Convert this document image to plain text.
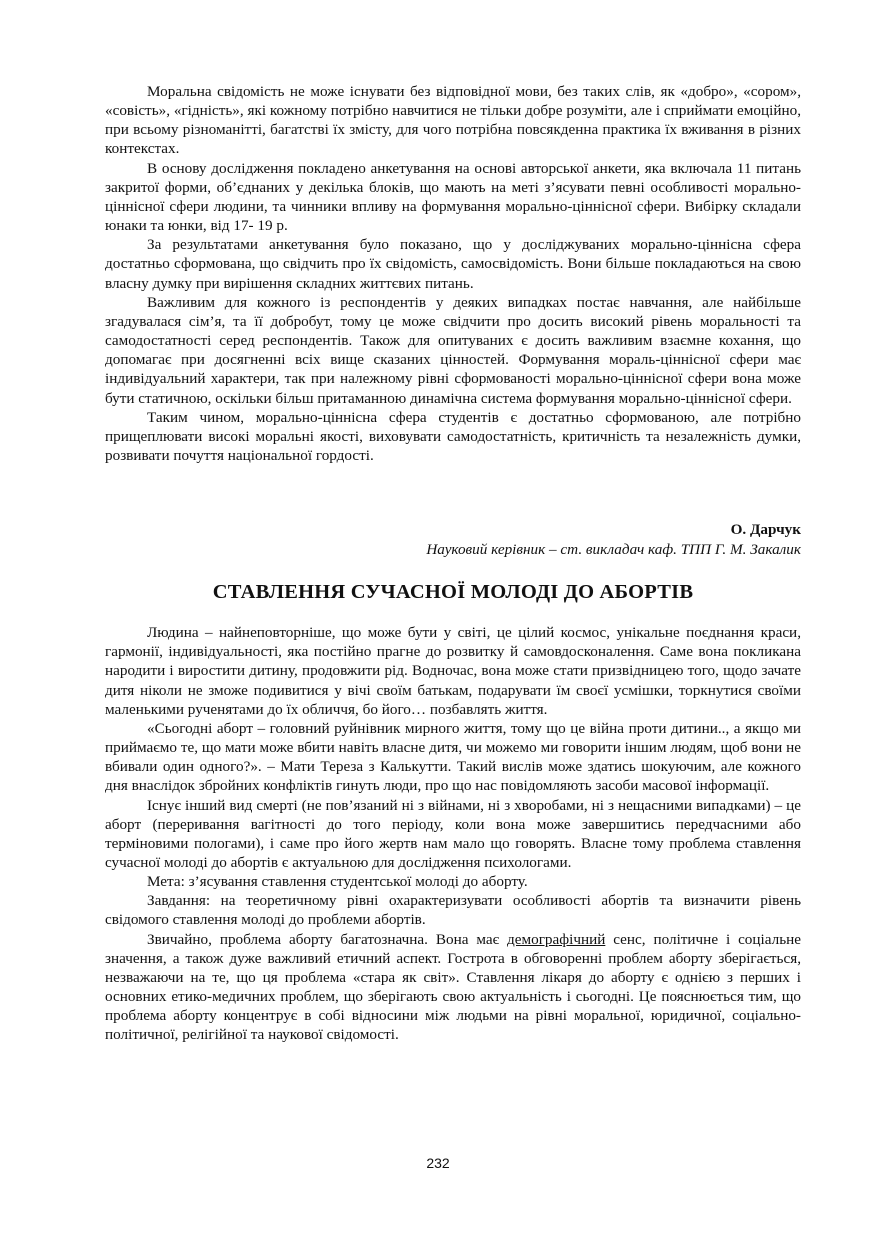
Моральна свідомість не може існувати без відповідної мови, без таких слів, як «добро», «сором», «совість», «гідність», які кожному потрібно навчитися не тільки добре розуміти, але і сприймати емоційно, при всьому різноманітті, багатстві їх змісту, для чого потрібна повсякденна практика їх вживання в різних контекстах.

В основу дослідження покладено анкетування на основі авторської анкети, яка включала 11 питань закритої форми, об’єднаних у декілька блоків, що мають на меті з’ясувати певні особливості морально-ціннісної сфери людини, та чинники впливу на формування морально-ціннісної сфери. Вибірку складали юнаки та юнки, від 17- 19 р.

За результатами анкетування було показано, що у досліджуваних морально-ціннісна сфера достатньо сформована, що свідчить про їх свідомість, самосвідомість. Вони більше покладаються на свою власну думку при вирішення складних життєвих питань.

Важливим для кожного із респондентів у деяких випадках постає навчання, але найбільше згадувалася сім’я, та її добробут, тому це може свідчити про досить високий рівень моральності та самодостатності серед респондентів. Також для опитуваних є досить важливим взаємне кохання, що допомагає при досягненні всіх вище сказаних цінностей. Формування мораль-ціннісної сфери має індивідуальний характери, так при належному рівні сформованості морально-ціннісної сфери вона може бути статичною, оскільки більш притаманною динамічна система формування морально-ціннісної сфери.

Таким чином, морально-ціннісна сфера студентів є достатньо сформованою, але потрібно прищеплювати високі моральні якості, виховувати самодостатність, критичність та незалежність думки, розвивати почуття національної гордості.

О. Дарчук

Науковий керівник – ст. викладач каф. ТПП Г. М. Закалик

СТАВЛЕННЯ СУЧАСНОЇ МОЛОДІ ДО АБОРТІВ

Людина – найнеповторніше, що може бути у світі, це цілий космос, унікальне поєднання краси, гармонії, індивідуальності, яка постійно прагне до розвитку й самовдосконалення. Саме вона покликана народити і виростити дитину, продовжити рід. Водночас, вона може стати призвідницею того, щодо зачате дитя ніколи не зможе подивитися у вічі своїм батькам, подарувати їм своєї усмішки, торкнутися своїми маленькими рученятами до їх обличчя, бо його… позбавлять життя.

«Сьогодні аборт – головний руйнівник мирного життя, тому що це війна проти дитини.., а якщо ми приймаємо те, що мати може вбити навіть власне дитя, чи можемо ми говорити іншим людям, щоб вони не вбивали один одного?». – Мати Тереза з Калькутти. Такий вислів може здатись шокуючим, але кожного дня внаслідок збройних конфліктів гинуть люди, про що нас повідомляють засоби масової інформації.

Існує інший вид смерті (не пов’язаний ні з війнами, ні з хворобами, ні з нещасними випадками) – це аборт (переривання вагітності до того періоду, коли вона може завершитись передчасними або терміновими пологами), і саме про його жертв нам мало що говорять. Власне тому проблема ставлення сучасної молоді до абортів є актуальною для дослідження психологами.

Мета: з’ясування ставлення студентської молоді до аборту.

Завдання: на теоретичному рівні охарактеризувати особливості абортів та визначити рівень свідомого ставлення молоді до проблеми абортів.

Звичайно, проблема аборту багатозначна. Вона має демографічний сенс, політичне і соціальне значення, а також дуже важливий етичний аспект. Гострота в обговоренні проблем аборту зберігається, незважаючи на те, що ця проблема «стара як світ». Ставлення лікаря до аборту є однією з перших і основних етико-медичних проблем, що зберігають свою актуальність і сьогодні. Це пояснюється тим, що проблема аборту концентрує в собі відносини між людьми на рівні моральної, юридичної, соціально-політичної, релігійної та наукової свідомості.

232
